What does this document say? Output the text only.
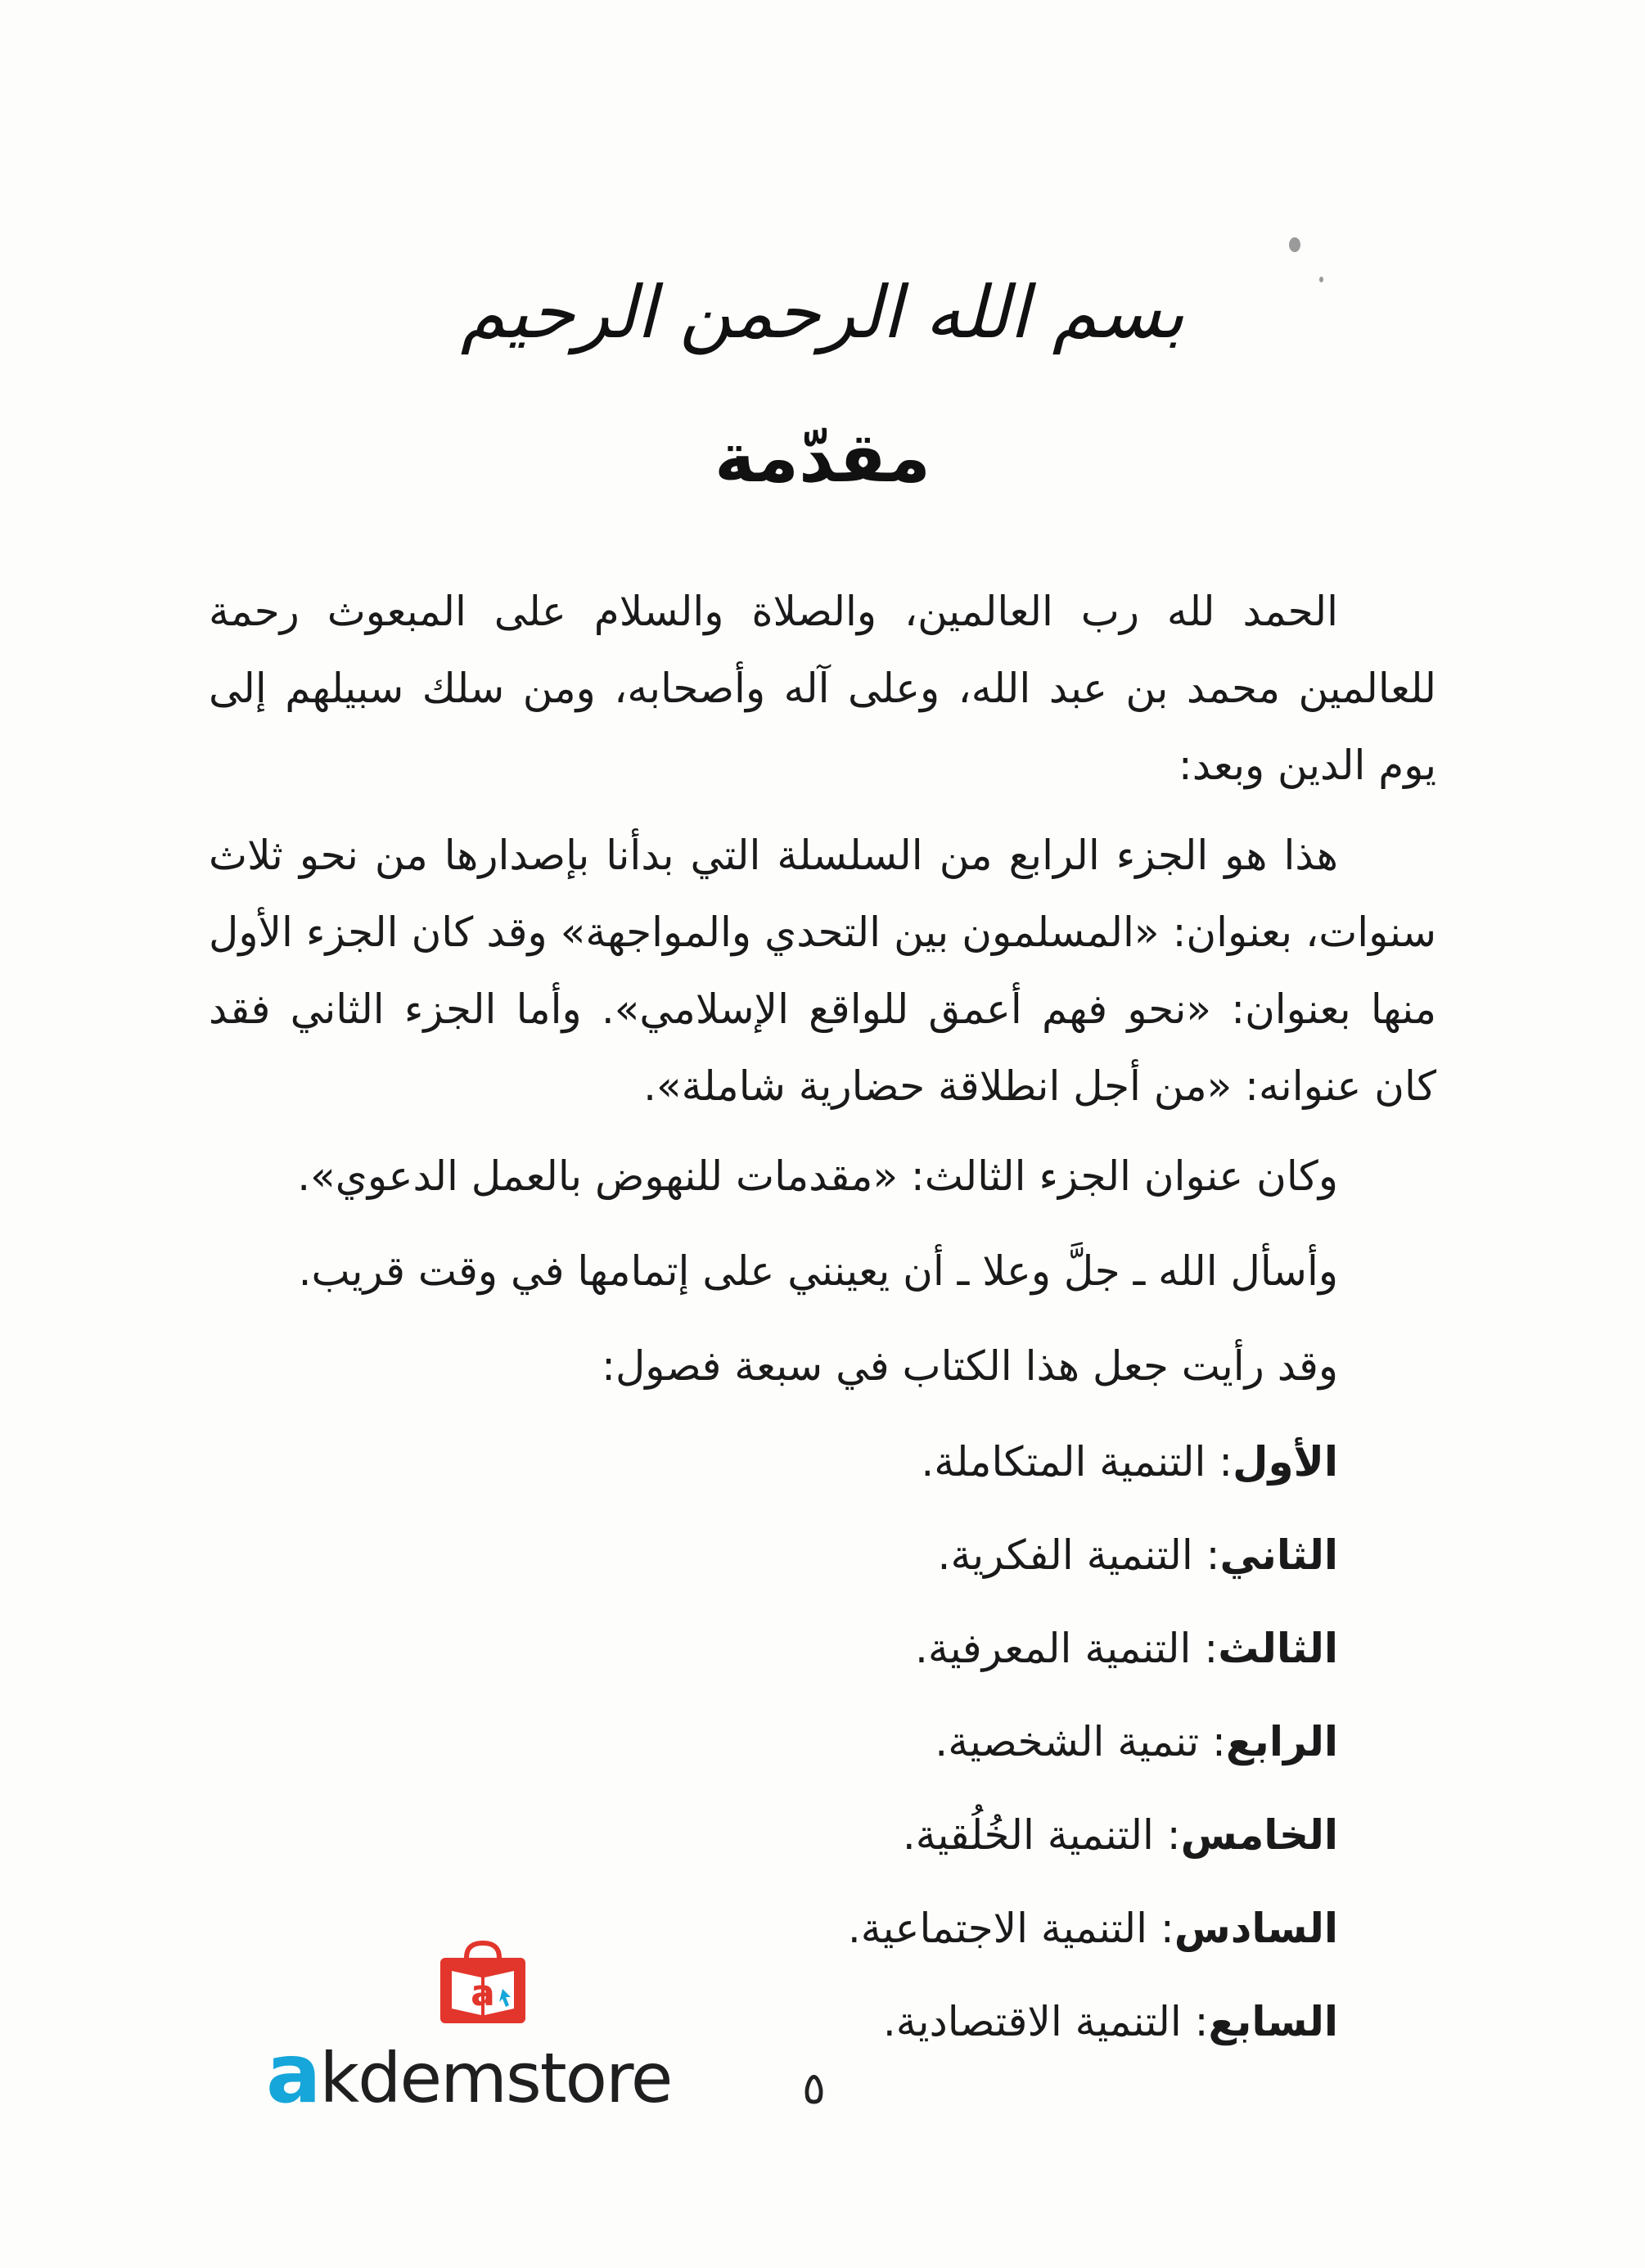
بسم الله الرحمن الرحيم
مقدّمة

الحمد لله رب العالمين، والصلاة والسلام على المبعوث رحمة للعالمين محمد بن عبد الله، وعلى آله وأصحابه، ومن سلك سبيلهم إلى يوم الدين وبعد:

هذا هو الجزء الرابع من السلسلة التي بدأنا بإصدارها من نحو ثلاث سنوات، بعنوان: «المسلمون بين التحدي والمواجهة» وقد كان الجزء الأول منها بعنوان: «نحو فهم أعمق للواقع الإسلامي». وأما الجزء الثاني فقد كان عنوانه: «من أجل انطلاقة حضارية شاملة».

وكان عنوان الجزء الثالث: «مقدمات للنهوض بالعمل الدعوي».

وأسأل الله ـ جلَّ وعلا ـ أن يعينني على إتمامها في وقت قريب.

وقد رأيت جعل هذا الكتاب في سبعة فصول:

الأول: التنمية المتكاملة.
الثاني: التنمية الفكرية.
الثالث: التنمية المعرفية.
الرابع: تنمية الشخصية.
الخامس: التنمية الخُلُقية.
السادس: التنمية الاجتماعية.
السابع: التنمية الاقتصادية.
a
akdemstore	٥
